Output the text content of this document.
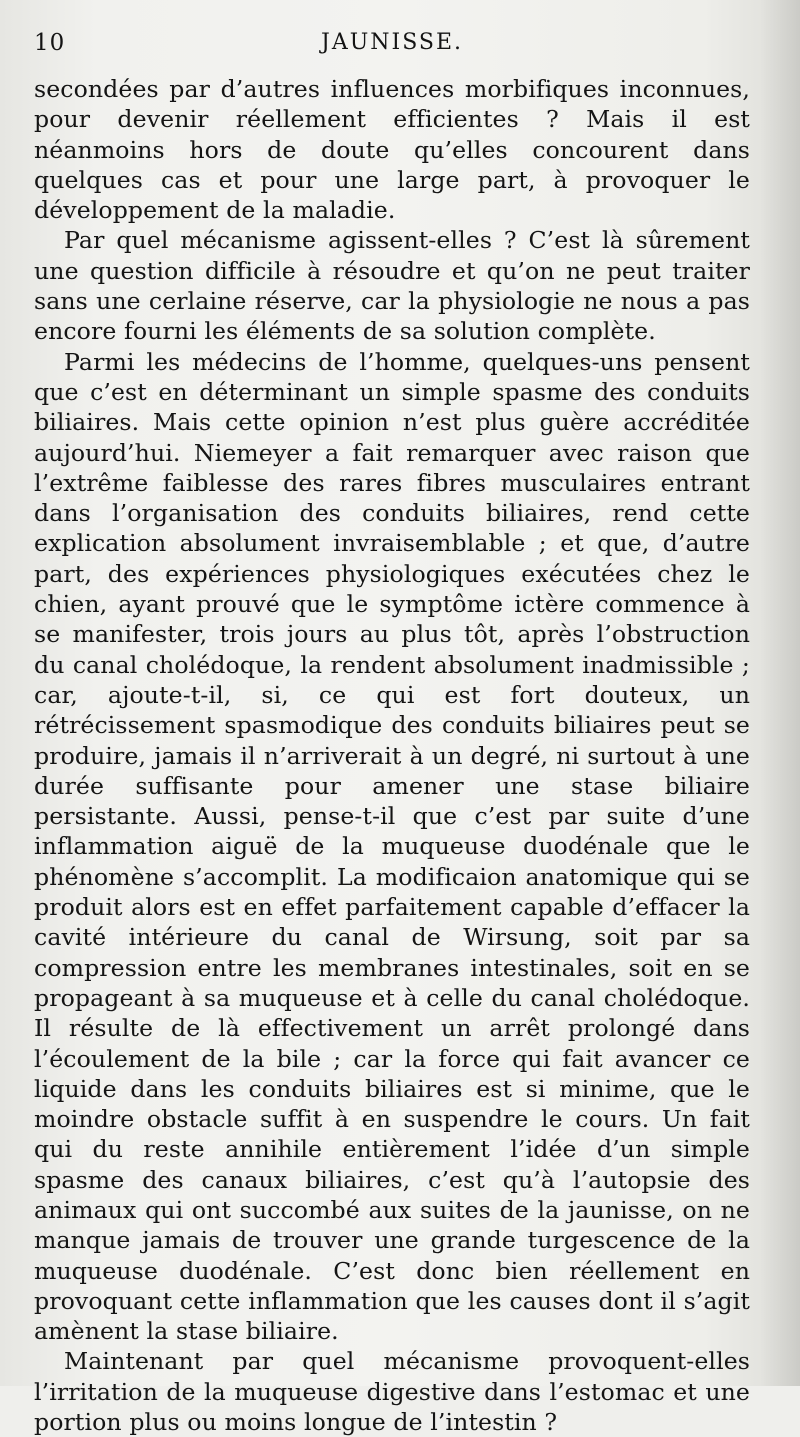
10	JAUNISSE.

secondées par d’autres influences morbifiques inconnues, pour devenir réellement efficientes ? Mais il est néanmoins hors de doute qu’elles concourent dans quelques cas et pour une large part, à provoquer le développement de la maladie.

Par quel mécanisme agissent-elles ? C’est là sûrement une question difficile à résoudre et qu’on ne peut traiter sans une cerlaine réserve, car la physiologie ne nous a pas encore fourni les éléments de sa solution complète.

Parmi les médecins de l’homme, quelques-uns pensent que c’est en déterminant un simple spasme des conduits biliaires. Mais cette opinion n’est plus guère accréditée aujourd’hui. Niemeyer a fait remarquer avec raison que l’extrême faiblesse des rares fibres musculaires entrant dans l’organisation des conduits biliaires, rend cette explication absolument invraisemblable ; et que, d’autre part, des expériences physiologiques exécutées chez le chien, ayant prouvé que le symptôme ictère commence à se manifester, trois jours au plus tôt, après l’obstruction du canal cholédoque, la rendent absolument inadmissible ; car, ajoute-t-il, si, ce qui est fort douteux, un rétrécissement spasmodique des conduits biliaires peut se produire, jamais il n’arriverait à un degré, ni surtout à une durée suffisante pour amener une stase biliaire persistante. Aussi, pense-t-il que c’est par suite d’une inflammation aiguë de la muqueuse duodénale que le phénomène s’accomplit. La modificaion anatomique qui se produit alors est en effet parfaitement capable d’effacer la cavité intérieure du canal de Wirsung, soit par sa compression entre les membranes intestinales, soit en se propageant à sa muqueuse et à celle du canal cholédoque. Il résulte de là effectivement un arrêt prolongé dans l’écoulement de la bile ; car la force qui fait avancer ce liquide dans les conduits biliaires est si minime, que le moindre obstacle suffit à en suspendre le cours. Un fait qui du reste annihile entièrement l’idée d’un simple spasme des canaux biliaires, c’est qu’à l’autopsie des animaux qui ont succombé aux suites de la jaunisse, on ne manque jamais de trouver une grande turgescence de la muqueuse duodénale. C’est donc bien réellement en provoquant cette inflammation que les causes dont il s’agit amènent la stase biliaire.

Maintenant par quel mécanisme provoquent-elles l’irritation de la muqueuse digestive dans l’estomac et une portion plus ou moins longue de l’intestin ?
